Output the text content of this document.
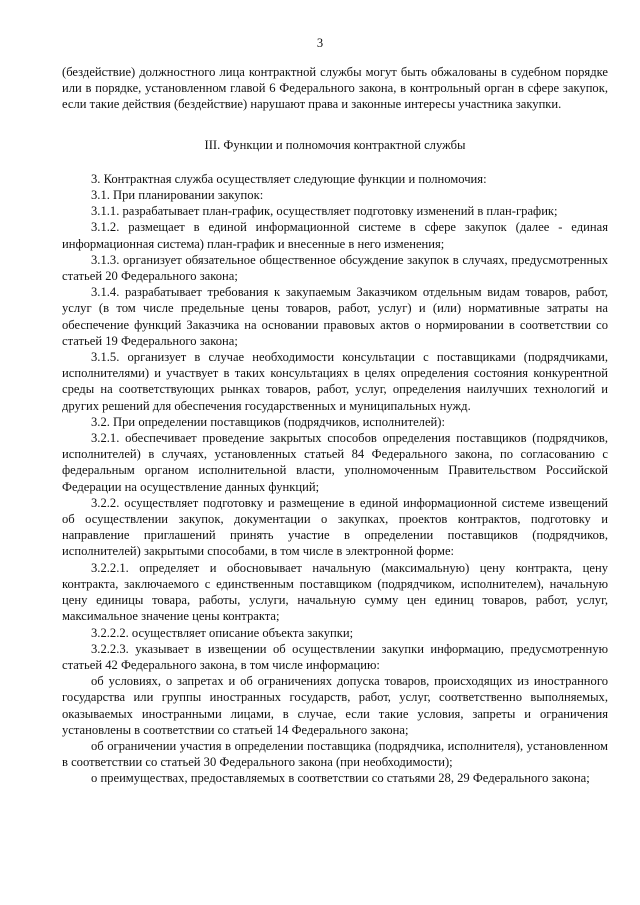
3

(бездействие) должностного лица контрактной службы могут быть обжалованы в судебном порядке или в порядке, установленном главой 6 Федерального закона, в контрольный орган в сфере закупок, если такие действия (бездействие) нарушают права и законные интересы участника закупки.

III. Функции и полномочия контрактной службы

3. Контрактная служба осуществляет следующие функции и полномочия:

3.1. При планировании закупок:

3.1.1. разрабатывает план-график, осуществляет подготовку изменений в план-график;

3.1.2. размещает в единой информационной системе в сфере закупок (далее - единая информационная система) план-график и внесенные в него изменения;

3.1.3. организует обязательное общественное обсуждение закупок в случаях, предусмотренных статьей 20 Федерального закона;

3.1.4. разрабатывает требования к закупаемым Заказчиком отдельным видам товаров, работ, услуг (в том числе предельные цены товаров, работ, услуг) и (или) нормативные затраты на обеспечение функций Заказчика на основании правовых актов о нормировании в соответствии со статьей 19 Федерального закона;

3.1.5. организует в случае необходимости консультации с поставщиками (подрядчиками, исполнителями) и участвует в таких консультациях в целях определения состояния конкурентной среды на соответствующих рынках товаров, работ, услуг, определения наилучших технологий и других решений для обеспечения государственных и муниципальных нужд.

3.2. При определении поставщиков (подрядчиков, исполнителей):

3.2.1. обеспечивает проведение закрытых способов определения поставщиков (подрядчиков, исполнителей) в случаях, установленных статьей 84 Федерального закона, по согласованию с федеральным органом исполнительной власти, уполномоченным Правительством Российской Федерации на осуществление данных функций;

3.2.2. осуществляет подготовку и размещение в единой информационной системе извещений об осуществлении закупок, документации о закупках, проектов контрактов, подготовку и направление приглашений принять участие в определении поставщиков (подрядчиков, исполнителей) закрытыми способами, в том числе в электронной форме:

3.2.2.1. определяет и обосновывает начальную (максимальную) цену контракта, цену контракта, заключаемого с единственным поставщиком (подрядчиком, исполнителем), начальную цену единицы товара, работы, услуги, начальную сумму цен единиц товаров, работ, услуг, максимальное значение цены контракта;

3.2.2.2. осуществляет описание объекта закупки;

3.2.2.3. указывает в извещении об осуществлении закупки информацию, предусмотренную статьей 42 Федерального закона, в том числе информацию:

об условиях, о запретах и об ограничениях допуска товаров, происходящих из иностранного государства или группы иностранных государств, работ, услуг, соответственно выполняемых, оказываемых иностранными лицами, в случае, если такие условия, запреты и ограничения установлены в соответствии со статьей 14 Федерального закона;

об ограничении участия в определении поставщика (подрядчика, исполнителя), установленном в соответствии со статьей 30 Федерального закона (при необходимости);

о преимуществах, предоставляемых в соответствии со статьями 28, 29 Федерального закона;
